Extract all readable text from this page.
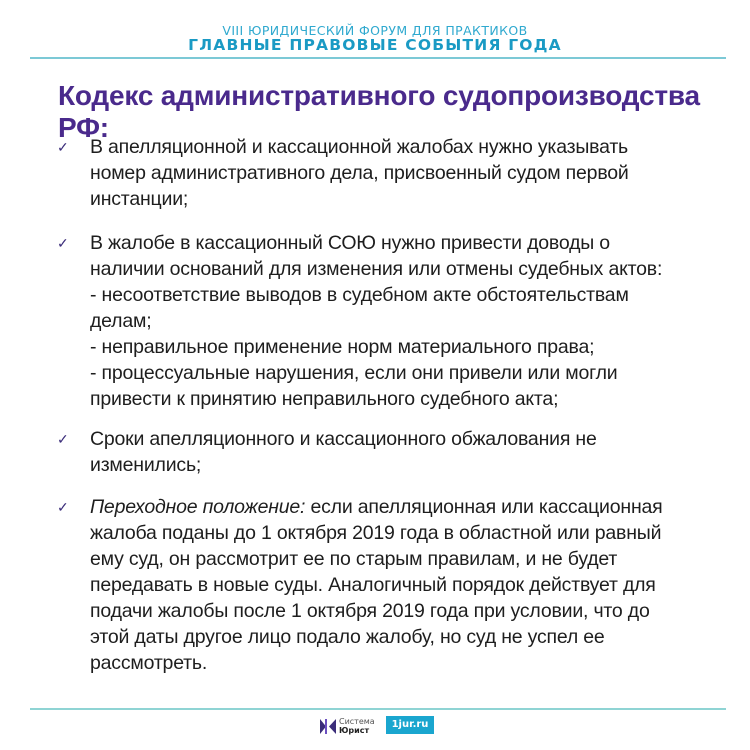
VIII ЮРИДИЧЕСКИЙ ФОРУМ ДЛЯ ПРАКТИКОВ
ГЛАВНЫЕ ПРАВОВЫЕ СОБЫТИЯ ГОДА
Кодекс административного судопроизводства РФ:
✓ В апелляционной и кассационной жалобах нужно указывать
номер административного дела, присвоенный судом первой
инстанции;
✓ В жалобе в кассационный СОЮ нужно привести доводы о
наличии оснований для изменения или отмены судебных актов:
- несоответствие выводов в судебном акте обстоятельствам
делам;
- неправильное применение норм материального права;
- процессуальные нарушения, если они привели или могли
привести к принятию неправильного судебного акта;
✓ Сроки апелляционного и кассационного обжалования не
изменились;
✓ Переходное положение: если апелляционная или кассационная
жалоба поданы до 1 октября 2019 года в областной или равный
ему суд, он рассмотрит ее по старым правилам, и не будет
передавать в новые суды. Аналогичный порядок действует для
подачи жалобы после 1 октября 2019 года при условии, что до
этой даты другое лицо подало жалобу, но суд не успел ее
рассмотреть.
Система
Юрист
1jur.ru
